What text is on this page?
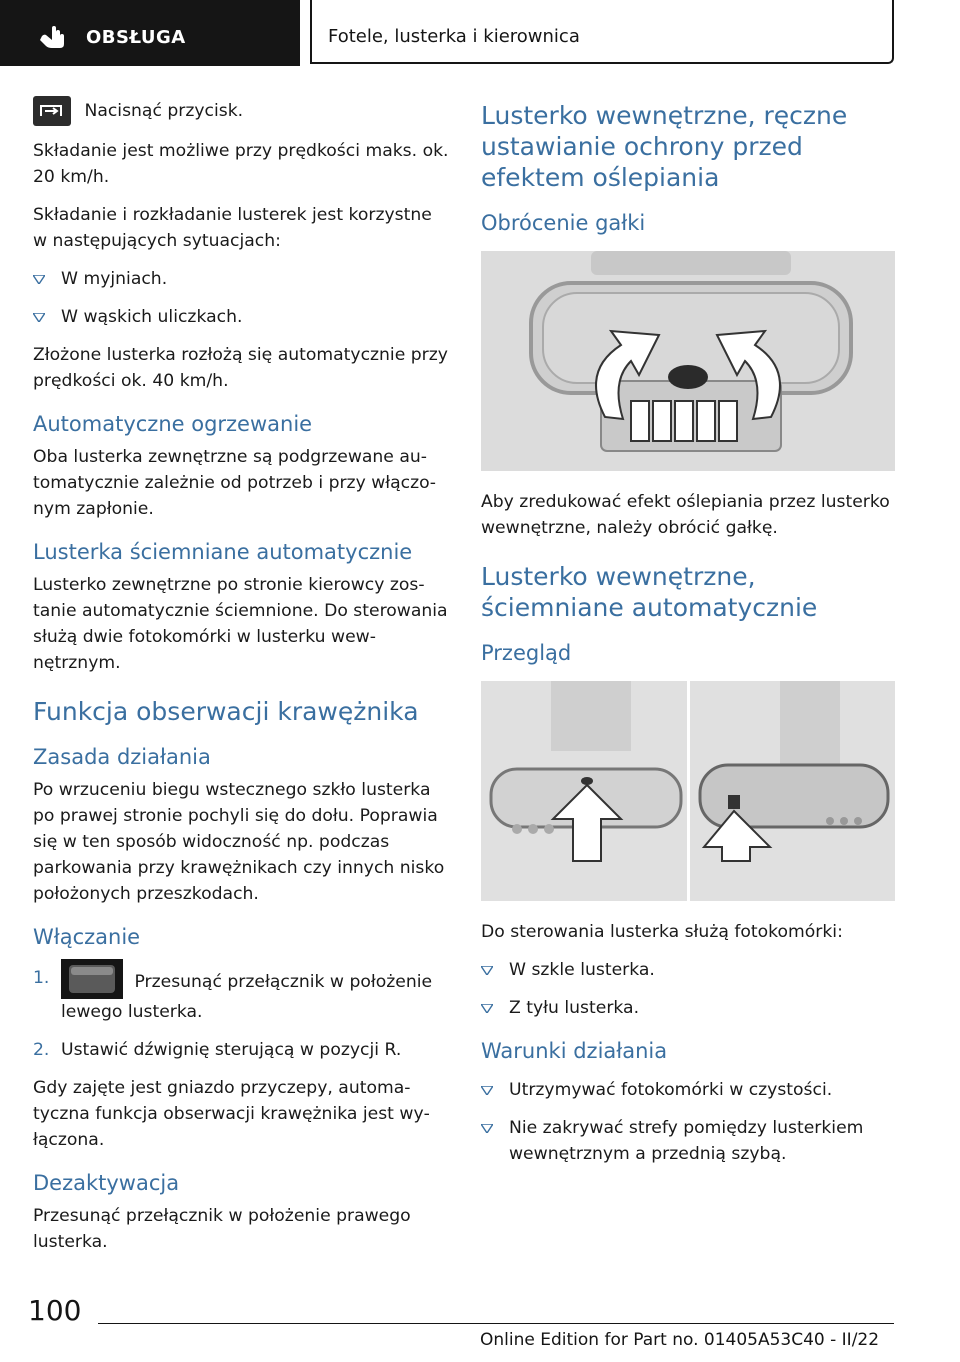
OBSŁUGA	Fotele, lusterka i kierownica

Nacisnąć przycisk.

Składanie jest możliwe przy prędkości maks. ok. 20 km/h.

Składanie i rozkładanie lusterek jest korzystne w następujących sytuacjach:

W myjniach.

W wąskich uliczkach.

Złożone lusterka rozłożą się automatycznie przy prędkości ok. 40 km/h.

Automatyczne ogrzewanie

Oba lusterka zewnętrzne są podgrzewane automatycznie zależnie od potrzeb i przy włączonym zapłonie.

Lusterka ściemniane automatycznie

Lusterko zewnętrzne po stronie kierowcy zostanie automatycznie ściemnione. Do sterowania służą dwie fotokomórki w lusterku wewnętrznym.

Funkcja obserwacji krawężnika
Zasada działania

Po wrzuceniu biegu wstecznego szkło lusterka po prawej stronie pochyli się do dołu. Poprawia się w ten sposób widoczność np. podczas parkowania przy krawężnikach czy innych nisko położonych przeszkodach.

Włączanie

1.	Przesunąć przełącznik w położenie lewego lusterka.

2. Ustawić dźwignię sterującą w pozycji R.

Gdy zajęte jest gniazdo przyczepy, automatyczna funkcja obserwacji krawężnika jest wyłączona.

Dezaktywacja

Przesunąć przełącznik w położenie prawego lusterka.

Lusterko wewnętrzne, ręczne ustawianie ochrony przed efektem oślepiania
Obrócenie gałki

Aby zredukować efekt oślepiania przez lusterko wewnętrzne, należy obrócić gałkę.

Lusterko wewnętrzne, ściemniane automatycznie
Przegląd

Do sterowania lusterka służą fotokomórki:

W szkle lusterka.

Z tyłu lusterka.

Warunki działania

Utrzymywać fotokomórki w czystości.

Nie zakrywać strefy pomiędzy lusterkiem wewnętrznym a przednią szybą.

100
Online Edition for Part no. 01405A53C40 - II/22
